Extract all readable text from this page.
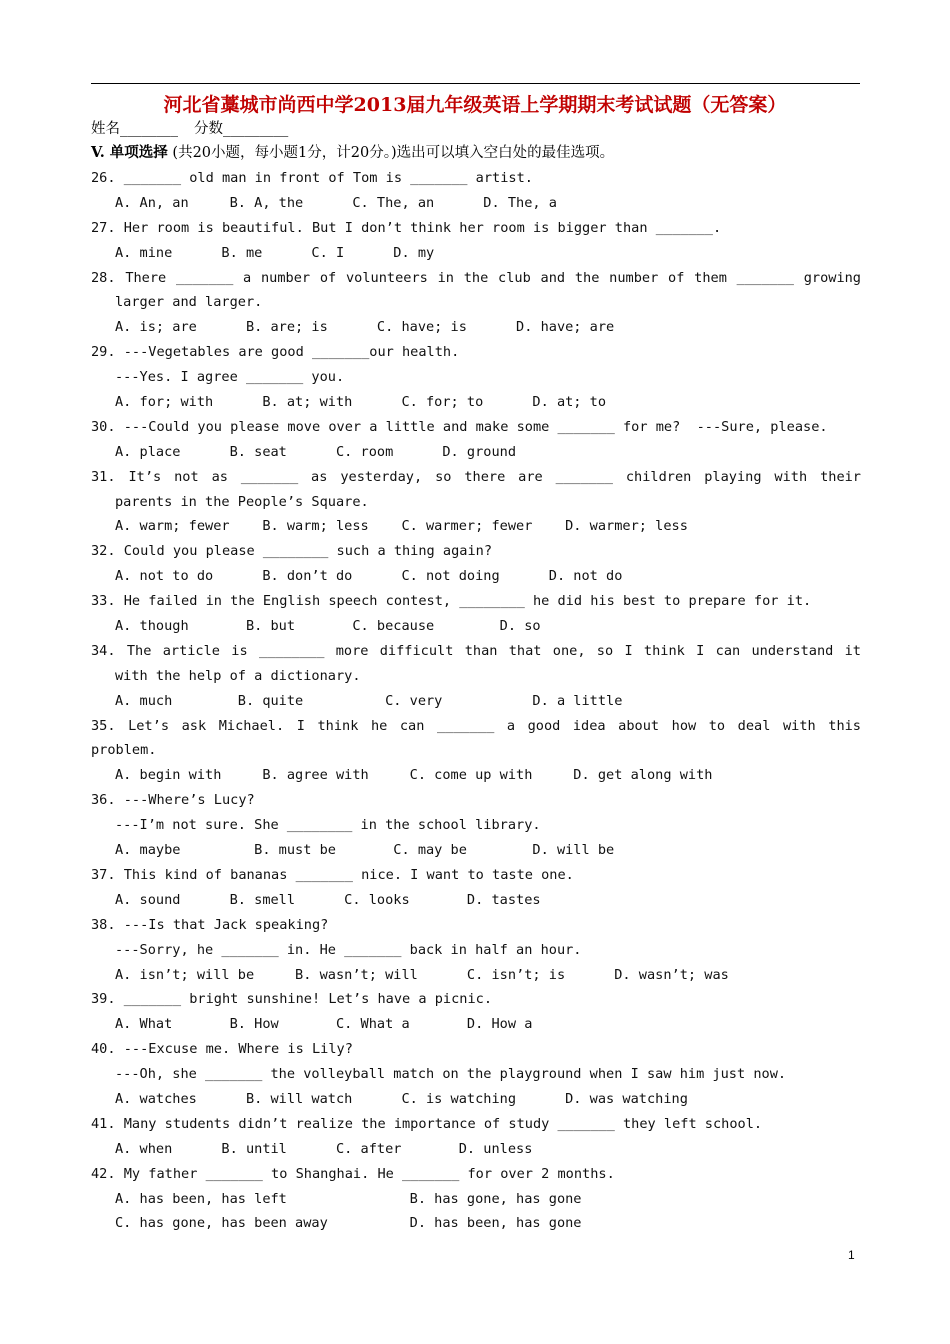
河北省藁城市尚西中学2013届九年级英语上学期期末考试试题（无答案）
姓名________ 分数_________
V. 单项选择 (共20小题，每小题1分，计20分。)选出可以填入空白处的最佳选项。
26. _______ old man in front of Tom is _______ artist.
A. An, an     B. A, the      C. The, an      D. The, a
27. Her room is beautiful. But I don’t think her room is bigger than _______.
A. mine      B. me      C. I      D. my
28. There _______ a number of volunteers in the club and the number of them _______ growing
larger and larger.
A. is; are      B. are; is      C. have; is      D. have; are
29. ---Vegetables are good _______our health.
---Yes. I agree _______ you.
A. for; with      B. at; with      C. for; to      D. at; to
30. ---Could you please move over a little and make some _______ for me?  ---Sure, please.
A. place      B. seat      C. room      D. ground
31. It’s not as _______ as yesterday, so there are _______ children playing with their
parents in the People’s Square.
A. warm; fewer    B. warm; less    C. warmer; fewer    D. warmer; less
32. Could you please ________ such a thing again?
A. not to do      B. don’t do      C. not doing      D. not do
33. He failed in the English speech contest, ________ he did his best to prepare for it.
A. though       B. but       C. because        D. so
34. The article is ________ more difficult than that one, so I think I can understand it
with the help of a dictionary.
A. much        B. quite          C. very           D. a little
35. Let’s ask Michael. I think he can _______ a good idea about how to deal with this
problem.
A. begin with     B. agree with     C. come up with     D. get along with
36. ---Where’s Lucy?
---I’m not sure. She ________ in the school library.
A. maybe         B. must be       C. may be        D. will be
37. This kind of bananas _______ nice. I want to taste one.
A. sound      B. smell      C. looks       D. tastes
38. ---Is that Jack speaking?
---Sorry, he _______ in. He _______ back in half an hour.
A. isn’t; will be     B. wasn’t; will      C. isn’t; is      D. wasn’t; was
39. _______ bright sunshine! Let’s have a picnic.
A. What       B. How       C. What a       D. How a
40. ---Excuse me. Where is Lily?
---Oh, she _______ the volleyball match on the playground when I saw him just now.
A. watches      B. will watch      C. is watching      D. was watching
41. Many students didn’t realize the importance of study _______ they left school.
A. when      B. until      C. after       D. unless
42. My father _______ to Shanghai. He _______ for over 2 months.
A. has been, has left               B. has gone, has gone
C. has gone, has been away          D. has been, has gone
1
